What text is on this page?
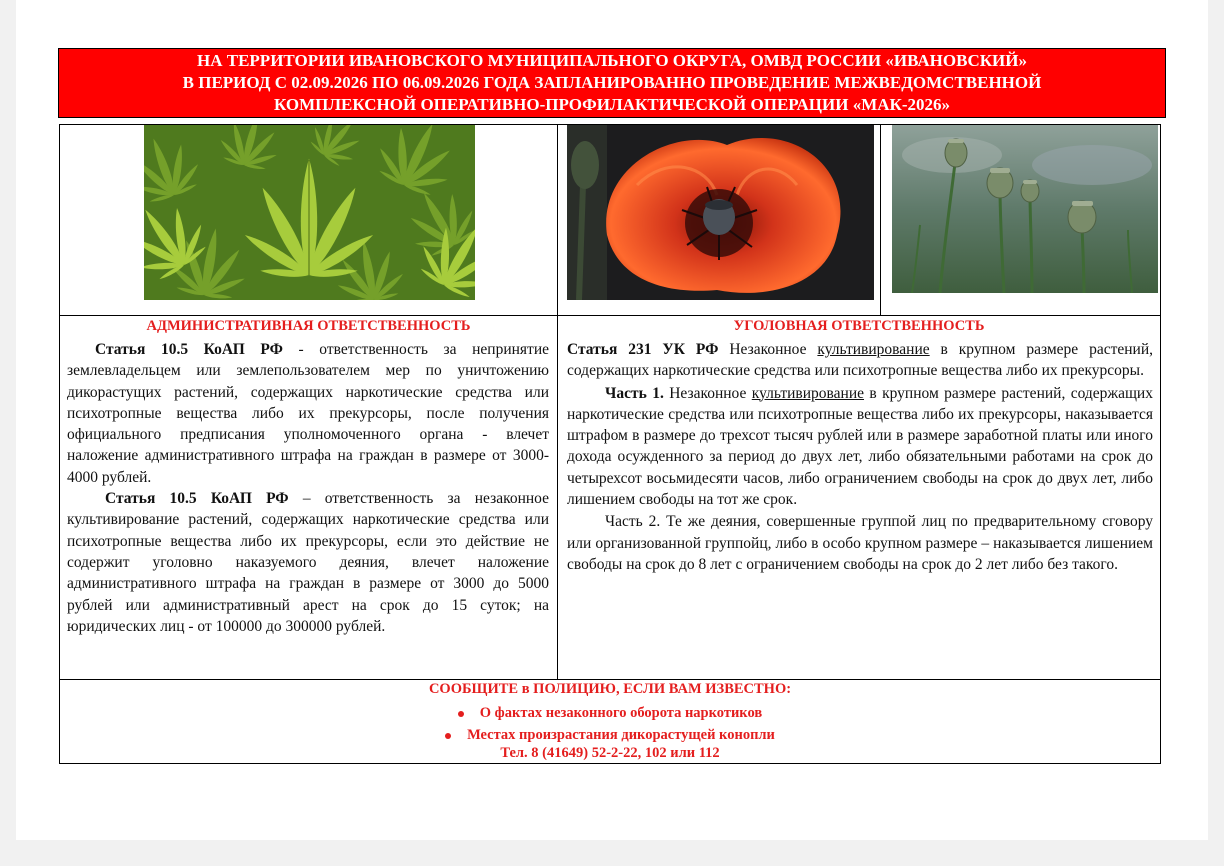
НА ТЕРРИТОРИИ ИВАНОВСКОГО МУНИЦИПАЛЬНОГО ОКРУГА, ОМВД РОССИИ «ИВАНОВСКИЙ»
В ПЕРИОД С 02.09.2026 ПО 06.09.2026 ГОДА ЗАПЛАНИРОВАННО ПРОВЕДЕНИЕ МЕЖВЕДОМСТВЕННОЙ
КОМПЛЕКСНОЙ ОПЕРАТИВНО-ПРОФИЛАКТИЧЕСКОЙ ОПЕРАЦИИ «МАК-2026»
АДМИНИСТРАТИВНАЯ ОТВЕТСТВЕННОСТЬ	УГОЛОВНАЯ ОТВЕТСТВЕННОСТЬ

Статья 10.5 КоАП РФ - ответственность за непринятие землевладельцем или землепользователем мер по уничтожению дикорастущих растений, содержащих наркотические средства или психотропные вещества либо их прекурсоры, после получения официального предписания уполномоченного органа - влечет наложение административного штрафа на граждан в размере от 3000-4000 рублей.

Статья 10.5 КоАП РФ – ответственность за незаконное культивирование растений, содержащих наркотические средства или психотропные вещества либо их прекурсоры, если это действие не содержит уголовно наказуемого деяния, влечет наложение административного штрафа на граждан в размере от 3000 до 5000 рублей или административный арест на срок до 15 суток; на юридических лиц - от 100000 до 300000 рублей.

Статья 231 УК РФ Незаконное культивирование в крупном размере растений, содержащих наркотические средства или психотропные вещества либо их прекурсоры.

Часть 1. Незаконное культивирование в крупном размере растений, содержащих наркотические средства или психотропные вещества либо их прекурсоры, наказывается штрафом в размере до трехсот тысяч рублей или в размере заработной платы или иного дохода осужденного за период до двух лет, либо обязательными работами на срок до четырехсот восьмидесяти часов, либо ограничением свободы на срок до двух лет, либо лишением свободы на тот же срок.

Часть 2. Те же деяния, совершенные группой лиц по предварительному сговору или организованной группойц, либо в особо крупном размере – наказывается лишением свободы на срок до 8 лет с ограничением свободы на срок до 2 лет либо без такого.

СООБЩИТЕ в ПОЛИЦИЮ, ЕСЛИ ВАМ ИЗВЕСТНО:
О фактах незаконного оборота наркотиков
Местах произрастания дикорастущей конопли
Тел. 8 (41649) 52-2-22, 102 или 112
